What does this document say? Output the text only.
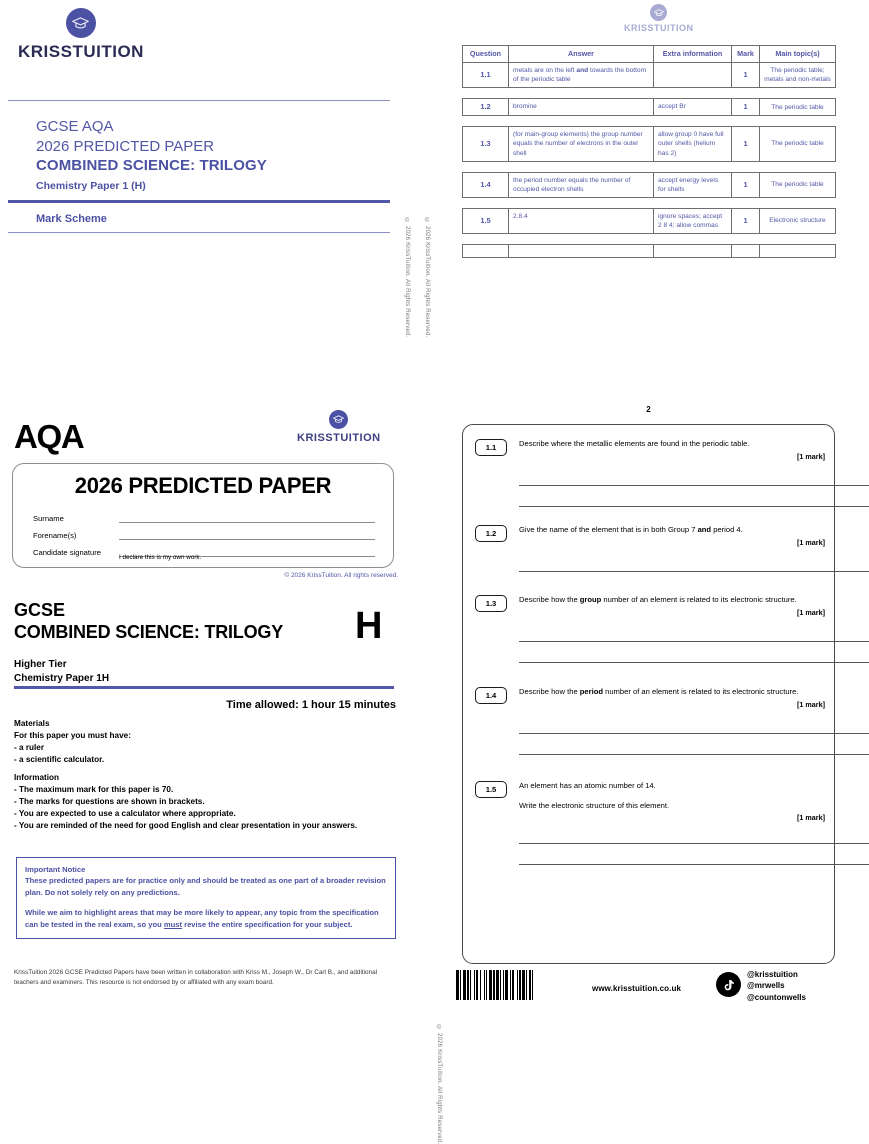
KRISSTUITION
GCSE AQA
2026 PREDICTED PAPER
COMBINED SCIENCE: TRILOGY
Chemistry Paper 1 (H)
Mark Scheme	© 2026 KrissTuition. All Rights Reserved. © 2026 KrissTuition. All Rights Reserved.
KRISSTUITION
Question	Answer	Extra information	Mark	Main topic(s)
1.1	metals are on the left and towards the bottom of the periodic table		1	The periodic table; metals and non-metals

1.2	bromine	accept Br	1	The periodic table

1.3	(for main-group elements) the group number equals the number of electrons in the outer shell	allow group 0 have full outer shells (helium has 2)	1	The periodic table

1.4	the period number equals the number of occupied electron shells	accept energy levels for shells	1	The periodic table

1.5	2.8.4	ignore spaces; accept 2 8 4; allow commas	1	Electronic structure

AQA	KRISSTUITION
2026 PREDICTED PAPER
Surname
Forename(s)
Candidate signature
I declare this is my own work.
© 2026 KrissTuition. All rights reserved.
GCSE
COMBINED SCIENCE: TRILOGY H
Higher Tier
Chemistry Paper 1H
Time allowed: 1 hour 15 minutes
Materials
For this paper you must have:
- a ruler
- a scientific calculator.
Information
- The maximum mark for this paper is 70.
- The marks for questions are shown in brackets.
- You are expected to use a calculator where appropriate.
- You are reminded of the need for good English and clear presentation in your answers.
Important Notice
These predicted papers are for practice only and should be treated as one part of a broader revision plan. Do not solely rely on any predictions.
While we aim to highlight areas that may be more likely to appear, any topic from the specification can be tested in the real exam, so you must revise the entire specification for your subject.
KrissTuition 2026 GCSE Predicted Papers have been written in collaboration with Kriss M., Joseph W., Dr Carl B., and additional teachers and examiners. This resource is not endorsed by or affiliated with any exam board.
© 2026 KrissTuition. All Rights Reserved.
2
1.1	Describe where the metallic elements are found in the periodic table.
[1 mark]
1.2	Give the name of the element that is in both Group 7 and period 4.
[1 mark]
1.3	Describe how the group number of an element is related to its electronic structure.
[1 mark]
1.4	Describe how the period number of an element is related to its electronic structure.
[1 mark]
1.5	An element has an atomic number of 14.
Write the electronic structure of this element.
[1 mark]
www.krisstuition.co.uk
@krisstuition
@mrwells
@countonwells
